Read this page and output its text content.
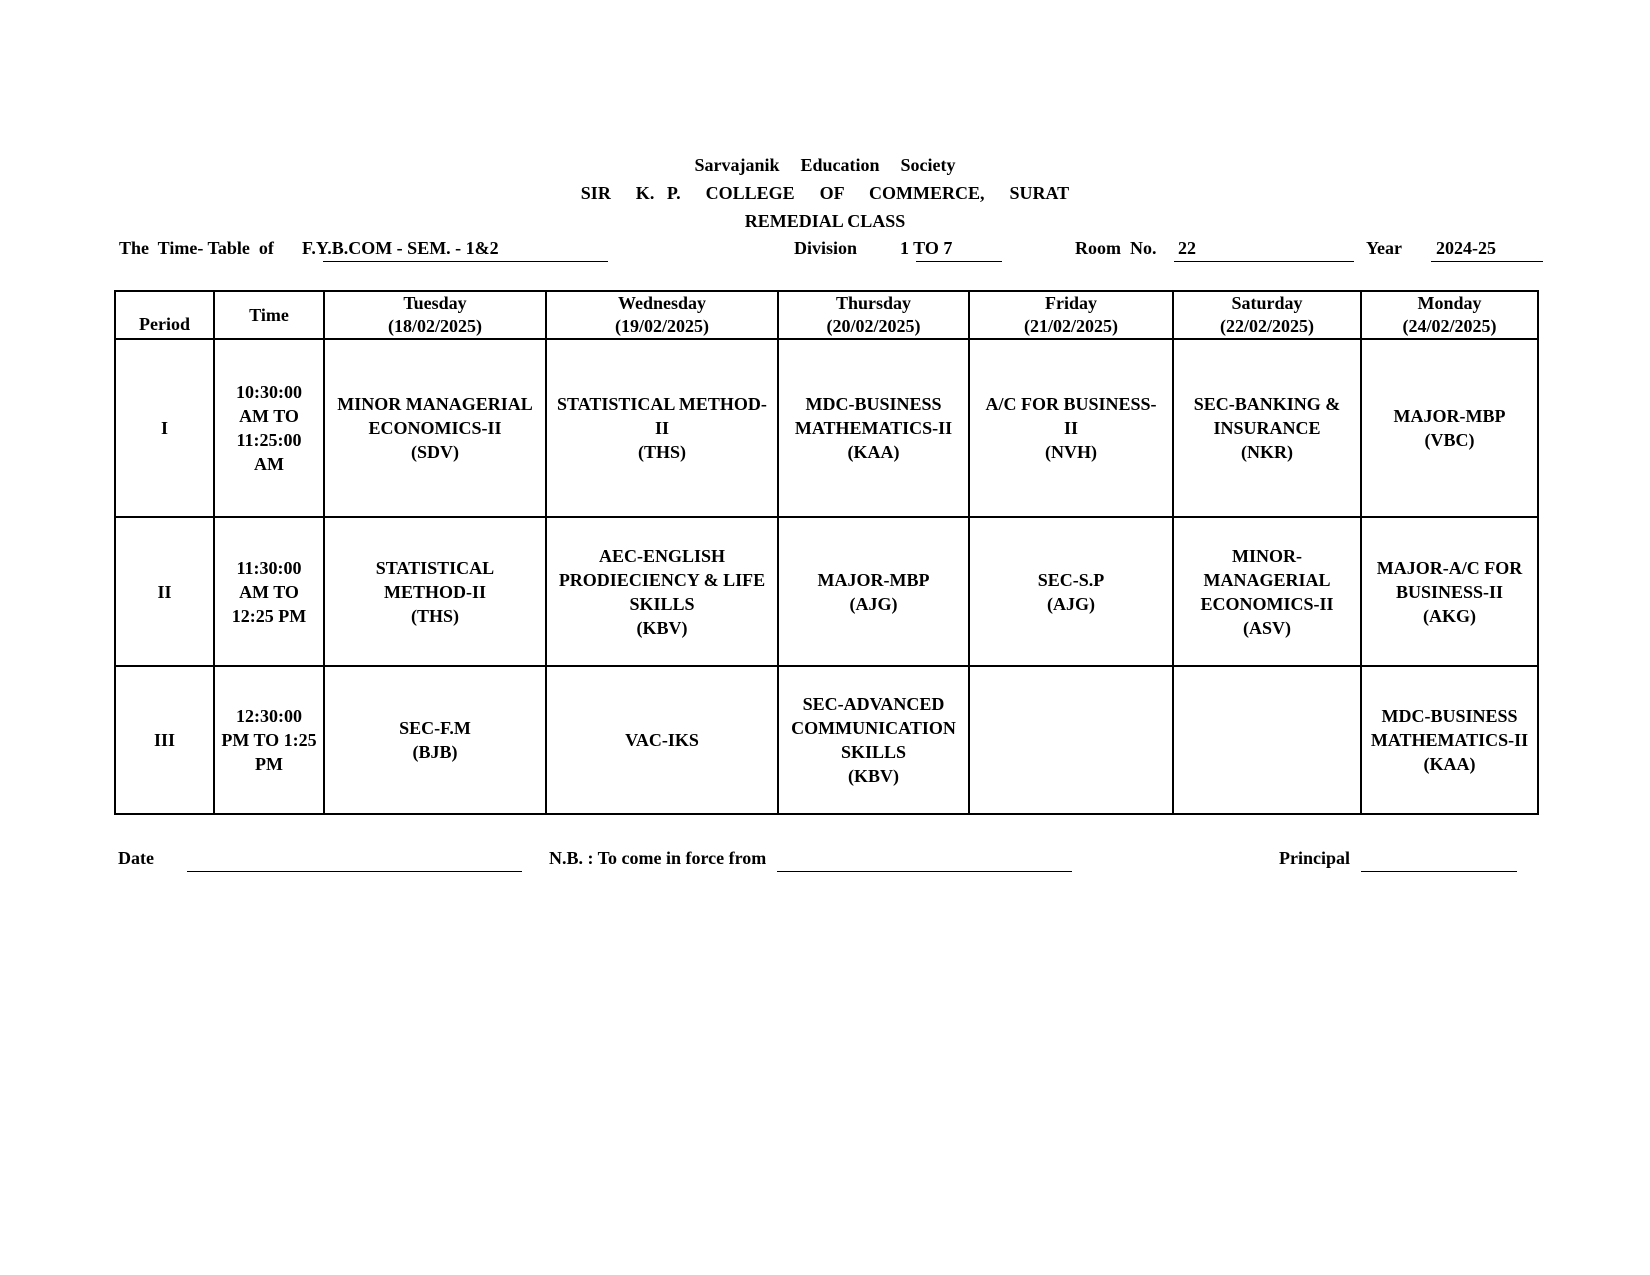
Sarvajanik  Education  Society
SIR  K. P.  COLLEGE  OF  COMMERCE,  SURAT
REMEDIAL CLASS
The  Time- Table  of F.Y.B.COM - SEM. - 1&2	Division 1 TO 7	Room  No. 22	Year 2024-25
Period	Time	Tuesday
(18/02/2025)	Wednesday
(19/02/2025)	Thursday
(20/02/2025)	Friday
(21/02/2025)	Saturday
(22/02/2025)	Monday
(24/02/2025)

I	10:30:00
AM TO
11:25:00
AM	MINOR MANAGERIAL
ECONOMICS-II
(SDV)	STATISTICAL METHOD-
II
(THS)	MDC-BUSINESS
MATHEMATICS-II
(KAA)	A/C FOR BUSINESS-
II
(NVH)	SEC-BANKING &
INSURANCE
(NKR)	MAJOR-MBP
(VBC)

II	11:30:00
AM TO
12:25 PM	STATISTICAL
METHOD-II
(THS)	AEC-ENGLISH
PRODIECIENCY & LIFE
SKILLS
(KBV)	MAJOR-MBP
(AJG)	SEC-S.P
(AJG)	MINOR-
MANAGERIAL
ECONOMICS-II
(ASV)	MAJOR-A/C FOR
BUSINESS-II
(AKG)

III	12:30:00
PM TO 1:25
PM	SEC-F.M
(BJB)	VAC-IKS	SEC-ADVANCED
COMMUNICATION
SKILLS
(KBV)			MDC-BUSINESS
MATHEMATICS-II
(KAA)
Date	N.B. : To come in force from	Principal
